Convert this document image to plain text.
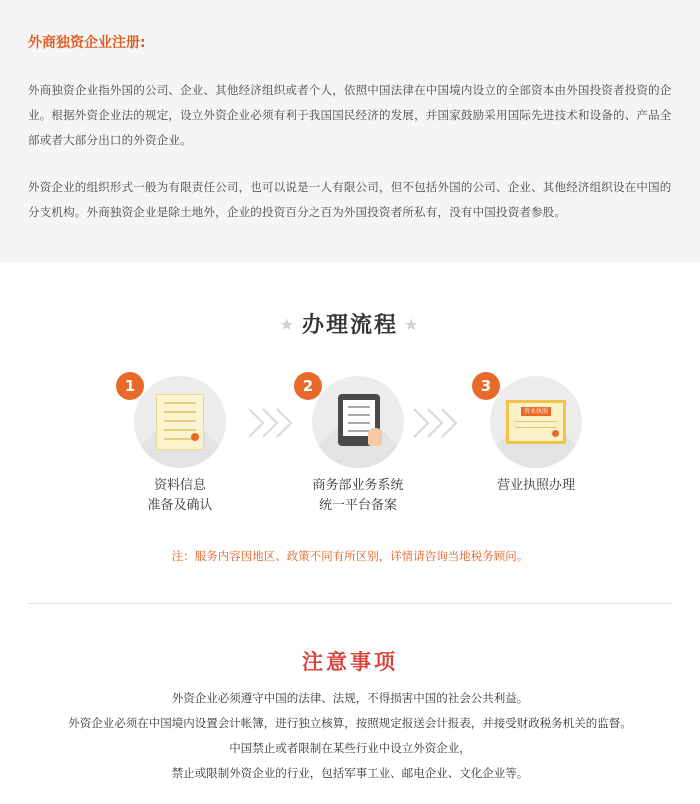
外商独资企业注册:

外商独资企业指外国的公司、企业、其他经济组织或者个人，依照中国法律在中国境内设立的全部资本由外国投资者投资的企业。根据外资企业法的规定，设立外资企业必须有利于我国国民经济的发展，并国家鼓励采用国际先进技术和设备的、产品全部或者大部分出口的外资企业。

外资企业的组织形式一般为有限责任公司，也可以说是一人有限公司，但不包括外国的公司、企业、其他经济组织设在中国的分支机构。外商独资企业是除土地外，企业的投资百分之百为外国投资者所私有，没有中国投资者参股。

★ 办理流程 ★
1
资料信息
准备及确认
2
商务部业务系统
统一平台备案
营业执照
3
营业执照办理
注：服务内容因地区、政策不同有所区别，详情请咨询当地税务顾问。
注意事项
外资企业必须遵守中国的法律、法规，不得损害中国的社会公共利益。
外资企业必须在中国境内设置会计帐簿，进行独立核算，按照规定报送会计报表，并接受财政税务机关的监督。
中国禁止或者限制在某些行业中设立外资企业，
禁止或限制外资企业的行业，包括军事工业、邮电企业、文化企业等。
